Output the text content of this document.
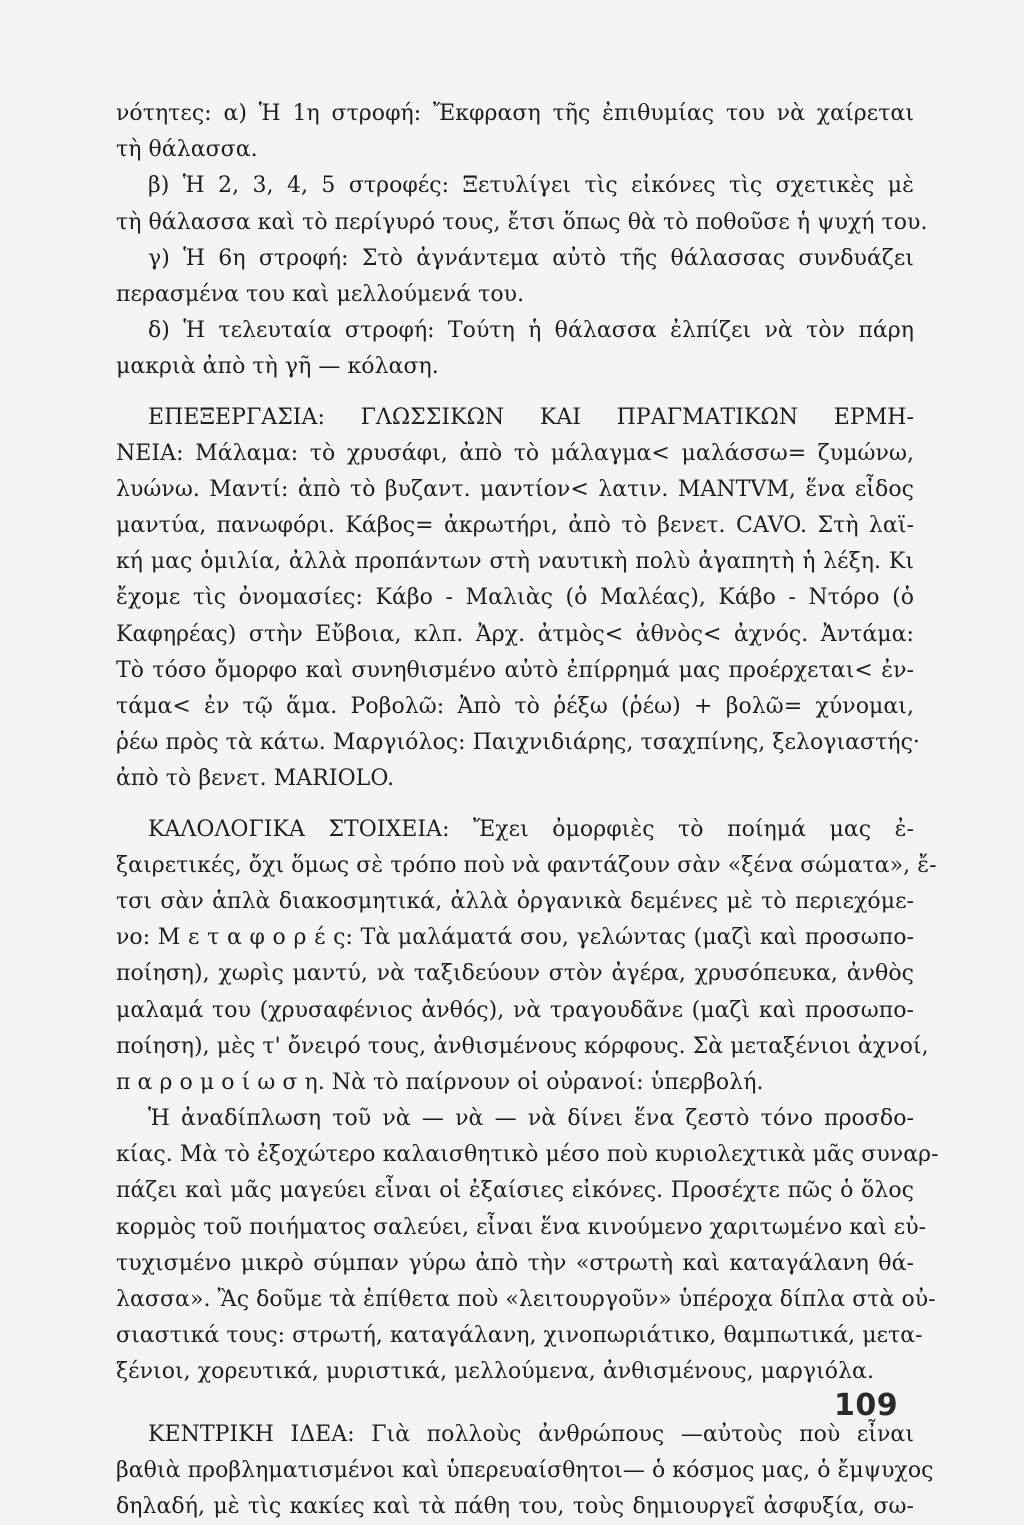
νότητες: α) Ἡ 1η στροφή: Ἔκφραση τῆς ἐπιθυμίας του νὰ χαίρεται
τὴ θάλασσα.
β) Ἡ 2, 3, 4, 5 στροφές: Ξετυλίγει τὶς εἰκόνες τὶς σχετικὲς μὲ
τὴ θάλασσα καὶ τὸ περίγυρό τους, ἔτσι ὅπως θὰ τὸ ποθοῦσε ἡ ψυχή του.
γ) Ἡ 6η στροφή: Στὸ ἀγνάντεμα αὐτὸ τῆς θάλασσας συνδυάζει
περασμένα του καὶ μελλούμενά του.
δ) Ἡ τελευταία στροφή: Τούτη ἡ θάλασσα ἐλπίζει νὰ τὸν πάρη
μακριὰ ἀπὸ τὴ γῆ — κόλαση.
ΕΠΕΞΕΡΓΑΣΙΑ: ΓΛΩΣΣΙΚΩΝ ΚΑΙ ΠΡΑΓΜΑΤΙΚΩΝ ΕΡΜΗ-
ΝΕΙΑ: Μάλαμα: τὸ χρυσάφι, ἀπὸ τὸ μάλαγμα< μαλάσσω= ζυμώνω,
λυώνω. Μαντί: ἀπὸ τὸ βυζαντ. μαντίον< λατιν. MANTVM, ἕνα εἶδος
μαντύα, πανωφόρι. Κάβος= ἀκρωτήρι, ἀπὸ τὸ βενετ. CAVO. Στὴ λαϊ-
κή μας ὁμιλία, ἀλλὰ προπάντων στὴ ναυτικὴ πολὺ ἀγαπητὴ ἡ λέξη. Κι
ἔχομε τὶς ὀνομασίες: Κάβο - Μαλιὰς (ὁ Μαλέας), Κάβο - Ντόρο (ὁ
Καφηρέας) στὴν Εὔβοια, κλπ. Ἀρχ. ἀτμὸς< ἀθνὸς< ἀχνός. Ἀντάμα:
Τὸ τόσο ὄμορφο καὶ συνηθισμένο αὐτὸ ἐπίρρημά μας προέρχεται< ἐν-
τάμα< ἐν τῷ ἅμα. Ροβολῶ: Ἀπὸ τὸ ῥέξω (ῥέω) + βολῶ= χύνομαι,
ῥέω πρὸς τὰ κάτω. Μαργιόλος: Παιχνιδιάρης, τσαχπίνης, ξελογιαστής·
ἀπὸ τὸ βενετ. MARIOLO.
ΚΑΛΟΛΟΓΙΚΑ ΣΤΟΙΧΕΙΑ: Ἔχει ὀμορφιὲς τὸ ποίημά μας ἐ-
ξαιρετικές, ὄχι ὅμως σὲ τρόπο ποὺ νὰ φαντάζουν σὰν «ξένα σώματα», ἔ-
τσι σὰν ἁπλὰ διακοσμητικά, ἀλλὰ ὀργανικὰ δεμένες μὲ τὸ περιεχόμε-
νο: Μ ε τ α φ ο ρ έ ς: Τὰ μαλάματά σου, γελώντας (μαζὶ καὶ προσωπο-
ποίηση), χωρὶς μαντύ, νὰ ταξιδεύουν στὸν ἀγέρα, χρυσόπευκα, ἀνθὸς
μαλαμά του (χρυσαφένιος ἀνθός), νὰ τραγουδᾶνε (μαζὶ καὶ προσωπο-
ποίηση), μὲς τ' ὄνειρό τους, ἀνθισμένους κόρφους. Σὰ μεταξένιοι ἀχνοί,
π α ρ ο μ ο ί ω σ η. Νὰ τὸ παίρνουν οἱ οὐρανοί: ὑπερβολή.
Ἡ ἀναδίπλωση τοῦ νὰ — νὰ — νὰ δίνει ἕνα ζεστὸ τόνο προσδο-
κίας. Μὰ τὸ ἐξοχώτερο καλαισθητικὸ μέσο ποὺ κυριολεχτικὰ μᾶς συναρ-
πάζει καὶ μᾶς μαγεύει εἶναι οἱ ἐξαίσιες εἰκόνες. Προσέχτε πῶς ὁ ὅλος
κορμὸς τοῦ ποιήματος σαλεύει, εἶναι ἕνα κινούμενο χαριτωμένο καὶ εὐ-
τυχισμένο μικρὸ σύμπαν γύρω ἀπὸ τὴν «στρωτὴ καὶ καταγάλανη θά-
λασσα». Ἂς δοῦμε τὰ ἐπίθετα ποὺ «λειτουργοῦν» ὑπέροχα δίπλα στὰ οὐ-
σιαστικά τους: στρωτή, καταγάλανη, χινοπωριάτικο, θαμπωτικά, μετα-
ξένιοι, χορευτικά, μυριστικά, μελλούμενα, ἀνθισμένους, μαργιόλα.
ΚΕΝΤΡΙΚΗ ΙΔΕΑ: Γιὰ πολλοὺς ἀνθρώπους —αὐτοὺς ποὺ εἶναι
βαθιὰ προβληματισμένοι καὶ ὑπερευαίσθητοι— ὁ κόσμος μας, ὁ ἔμψυχος
δηλαδή, μὲ τὶς κακίες καὶ τὰ πάθη του, τοὺς δημιουργεῖ ἀσφυξία, σω-
109
